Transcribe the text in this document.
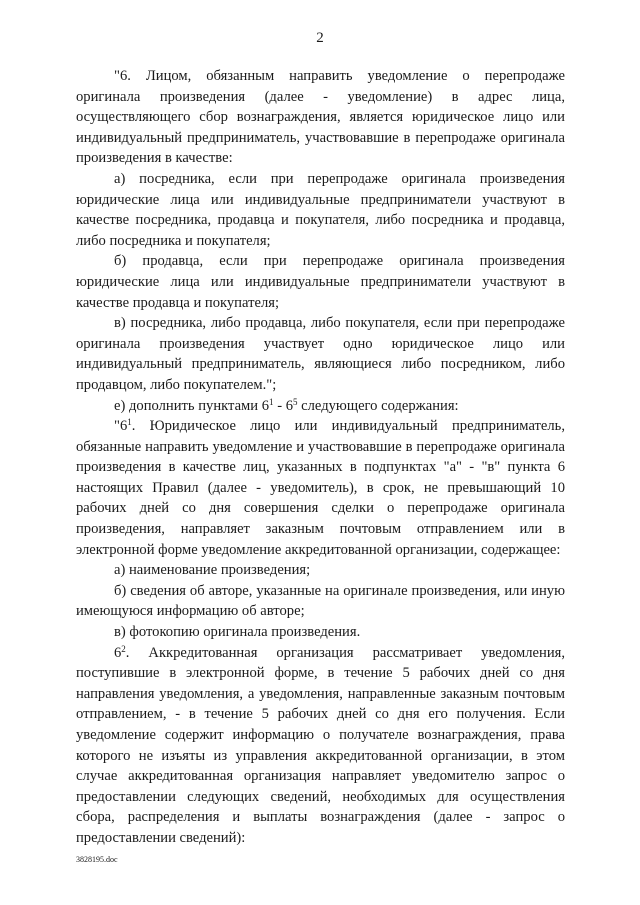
2

"6. Лицом, обязанным направить уведомление о перепродаже оригинала произведения (далее - уведомление) в адрес лица, осуществляющего сбор вознаграждения, является юридическое лицо или индивидуальный предприниматель, участвовавшие в перепродаже оригинала произведения в качестве:

а) посредника, если при перепродаже оригинала произведения юридические лица или индивидуальные предприниматели участвуют в качестве посредника, продавца и покупателя, либо посредника и продавца, либо посредника и покупателя;

б) продавца, если при перепродаже оригинала произведения юридические лица или индивидуальные предприниматели участвуют в качестве продавца и покупателя;

в) посредника, либо продавца, либо покупателя, если при перепродаже оригинала произведения участвует одно юридическое лицо или индивидуальный предприниматель, являющиеся либо посредником, либо продавцом, либо покупателем.";

е) дополнить пунктами $6^1 - 6^5$ следующего содержания:

"$6^1$. Юридическое лицо или индивидуальный предприниматель, обязанные направить уведомление и участвовавшие в перепродаже оригинала произведения в качестве лиц, указанных в подпунктах "а" - "в" пункта 6 настоящих Правил (далее - уведомитель), в срок, не превышающий 10 рабочих дней со дня совершения сделки о перепродаже оригинала произведения, направляет заказным почтовым отправлением или в электронной форме уведомление аккредитованной организации, содержащее:

а) наименование произведения;

б) сведения об авторе, указанные на оригинале произведения, или иную имеющуюся информацию об авторе;

в) фотокопию оригинала произведения.

$6^2$. Аккредитованная организация рассматривает уведомления, поступившие в электронной форме, в течение 5 рабочих дней со дня направления уведомления, а уведомления, направленные заказным почтовым отправлением, - в течение 5 рабочих дней со дня его получения. Если уведомление содержит информацию о получателе вознаграждения, права которого не изъяты из управления аккредитованной организации, в этом случае аккредитованная организация направляет уведомителю запрос о предоставлении следующих сведений, необходимых для осуществления сбора, распределения и выплаты вознаграждения (далее - запрос о предоставлении сведений):

3828195.doc
